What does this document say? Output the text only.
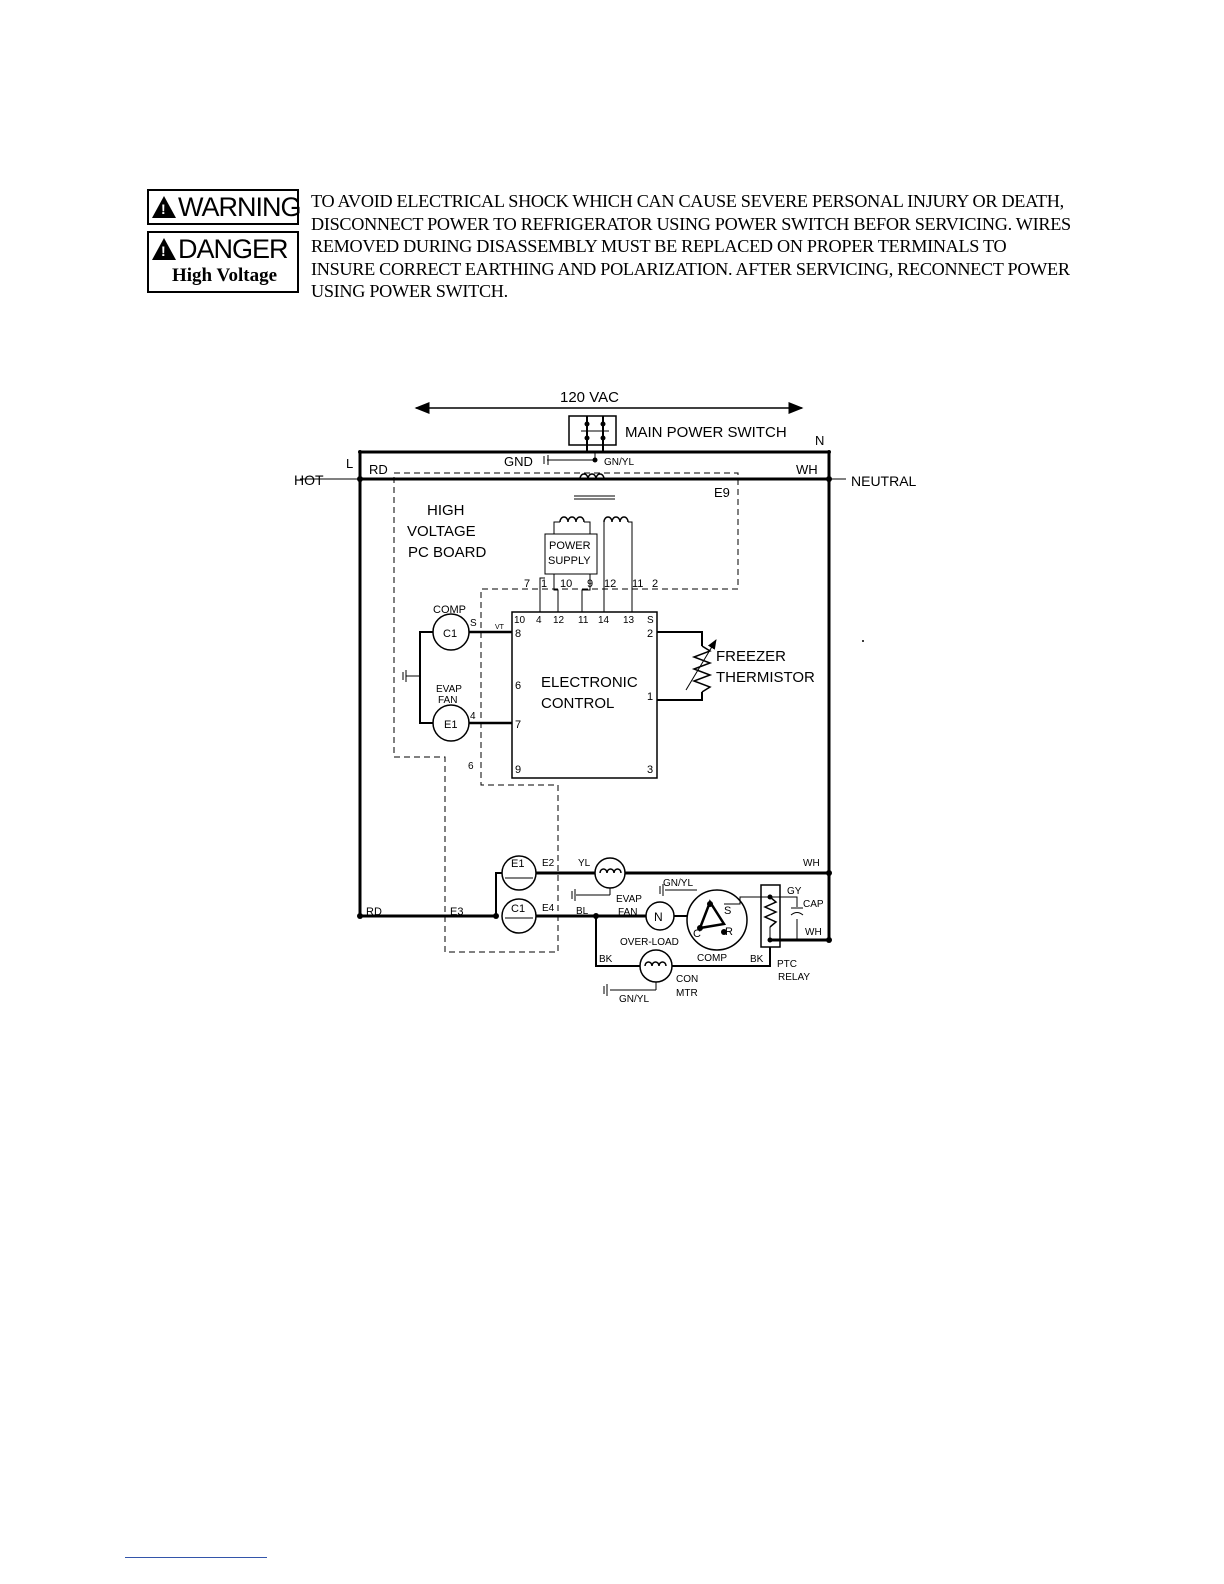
!
WARNING
!
DANGER
High Voltage

TO AVOID ELECTRICAL SHOCK WHICH CAN CAUSE SEVERE PERSONAL INJURY OR DEATH, DISCONNECT POWER TO REFRIGERATOR USING POWER SWITCH BEFOR SERVICING. WIRES REMOVED DURING DISASSEMBLY MUST BE REPLACED ON PROPER TERMINALS TO INSURE CORRECT EARTHING AND POLARIZATION. AFTER SERVICING, RECONNECT POWER USING POWER SWITCH.

120 VAC
MAIN POWER SWITCH
HOT	NEUTRAL
L
N
RD	WH
GND	GN/YL
E9
HIGH
VOLTAGE
PC BOARD	POWER
SUPPLY
7 1 10 9 12 11 2
10 4 12 11 14 13 S
ELECTRONIC
CONTROL
8
6
7
9
2
1
3
VT
S
4
6
FREEZER
THERMISTOR
C1
COMP
E1
EVAP
FAN
RD	E3
E1 E2
C1 E4
YL	WH
EVAP
FAN
BL	N
OVER-LOAD
GN/YL
S
R
C
COMP
GY
CAP
WH
PTC
RELAY
BK	BK
CON
MTR
GN/YL
